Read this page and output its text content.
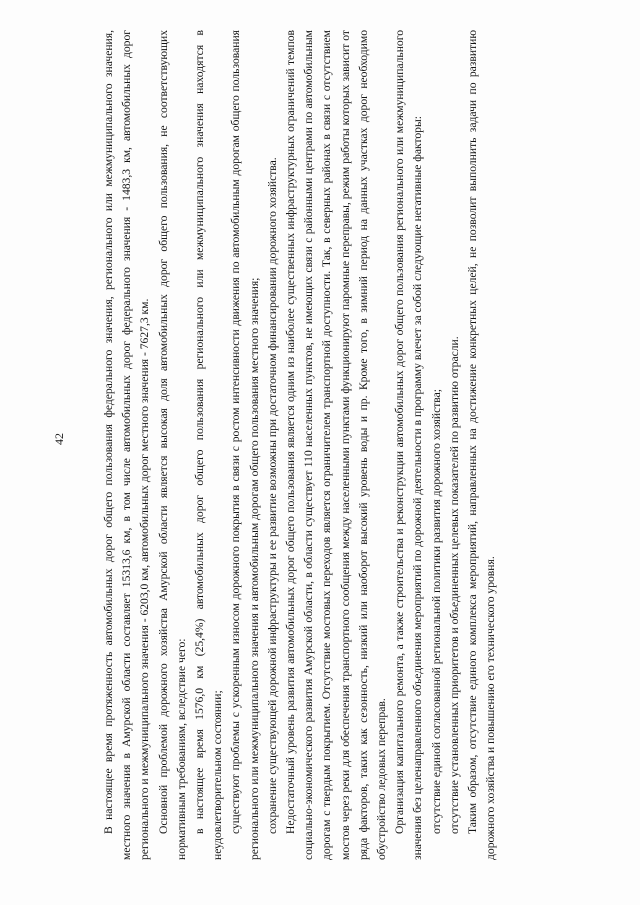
42	В настоящее время протяженность автомобильных дорог общего пользования федерального значения, регионального или межмуниципального значения, местного значения в Амурской области составляет 15313,6 км, в том числе автомобильных дорог федерального значения - 1483,3 км, автомобильных дорог регионального и межмуниципального значения - 6203,0 км, автомобильных дорог местного значения - 7627,3 км. Основной проблемой дорожного хозяйства Амурской области является высокая доля автомобильных дорог общего пользования, не соответствующих нормативным требованиям, вследствие чего: в настоящее время 1576,0 км (25,4%) автомобильных дорог общего пользования регионального или межмуниципального значения находятся в неудовлетворительном состоянии; существуют проблемы с ускоренным износом дорожного покрытия в связи с ростом интенсивности движения по автомобильным дорогам общего пользования регионального или межмуниципального значения и автомобильным дорогам общего пользования местного значения; сохранение существующей дорожной инфраструктуры и ее развитие возможны при достаточном финансировании дорожного хозяйства. Недостаточный уровень развития автомобильных дорог общего пользования является одним из наиболее существенных инфраструктурных ограничений темпов социально-экономического развития Амурской области, в области существует 110 населенных пунктов, не имеющих связи с районными центрами по автомобильным дорогам с твердым покрытием. Отсутствие мостовых переходов является ограничителем транспортной доступности. Так, в северных районах в связи с отсутствием мостов через реки для обеспечения транспортного сообщения между населенными пунктами функционируют паромные переправы, режим работы которых зависит от ряда факторов, таких как сезонность, низкий или наоборот высокий уровень воды и пр. Кроме того, в зимний период на данных участках дорог необходимо обустройство ледовых переправ. Организация капитального ремонта, а также строительства и реконструкции автомобильных дорог общего пользования регионального или межмуниципального значения без целенаправленного объединения мероприятий по дорожной деятельности в программу влечет за собой следующие негативные факторы: отсутствие единой согласованной региональной политики развития дорожного хозяйства; отсутствие установленных приоритетов и объединенных целевых показателей по развитию отрасли. Таким образом, отсутствие единого комплекса мероприятий, направленных на достижение конкретных целей, не позволит выполнить задачи по развитию дорожного хозяйства и повышению его технического уровня.
